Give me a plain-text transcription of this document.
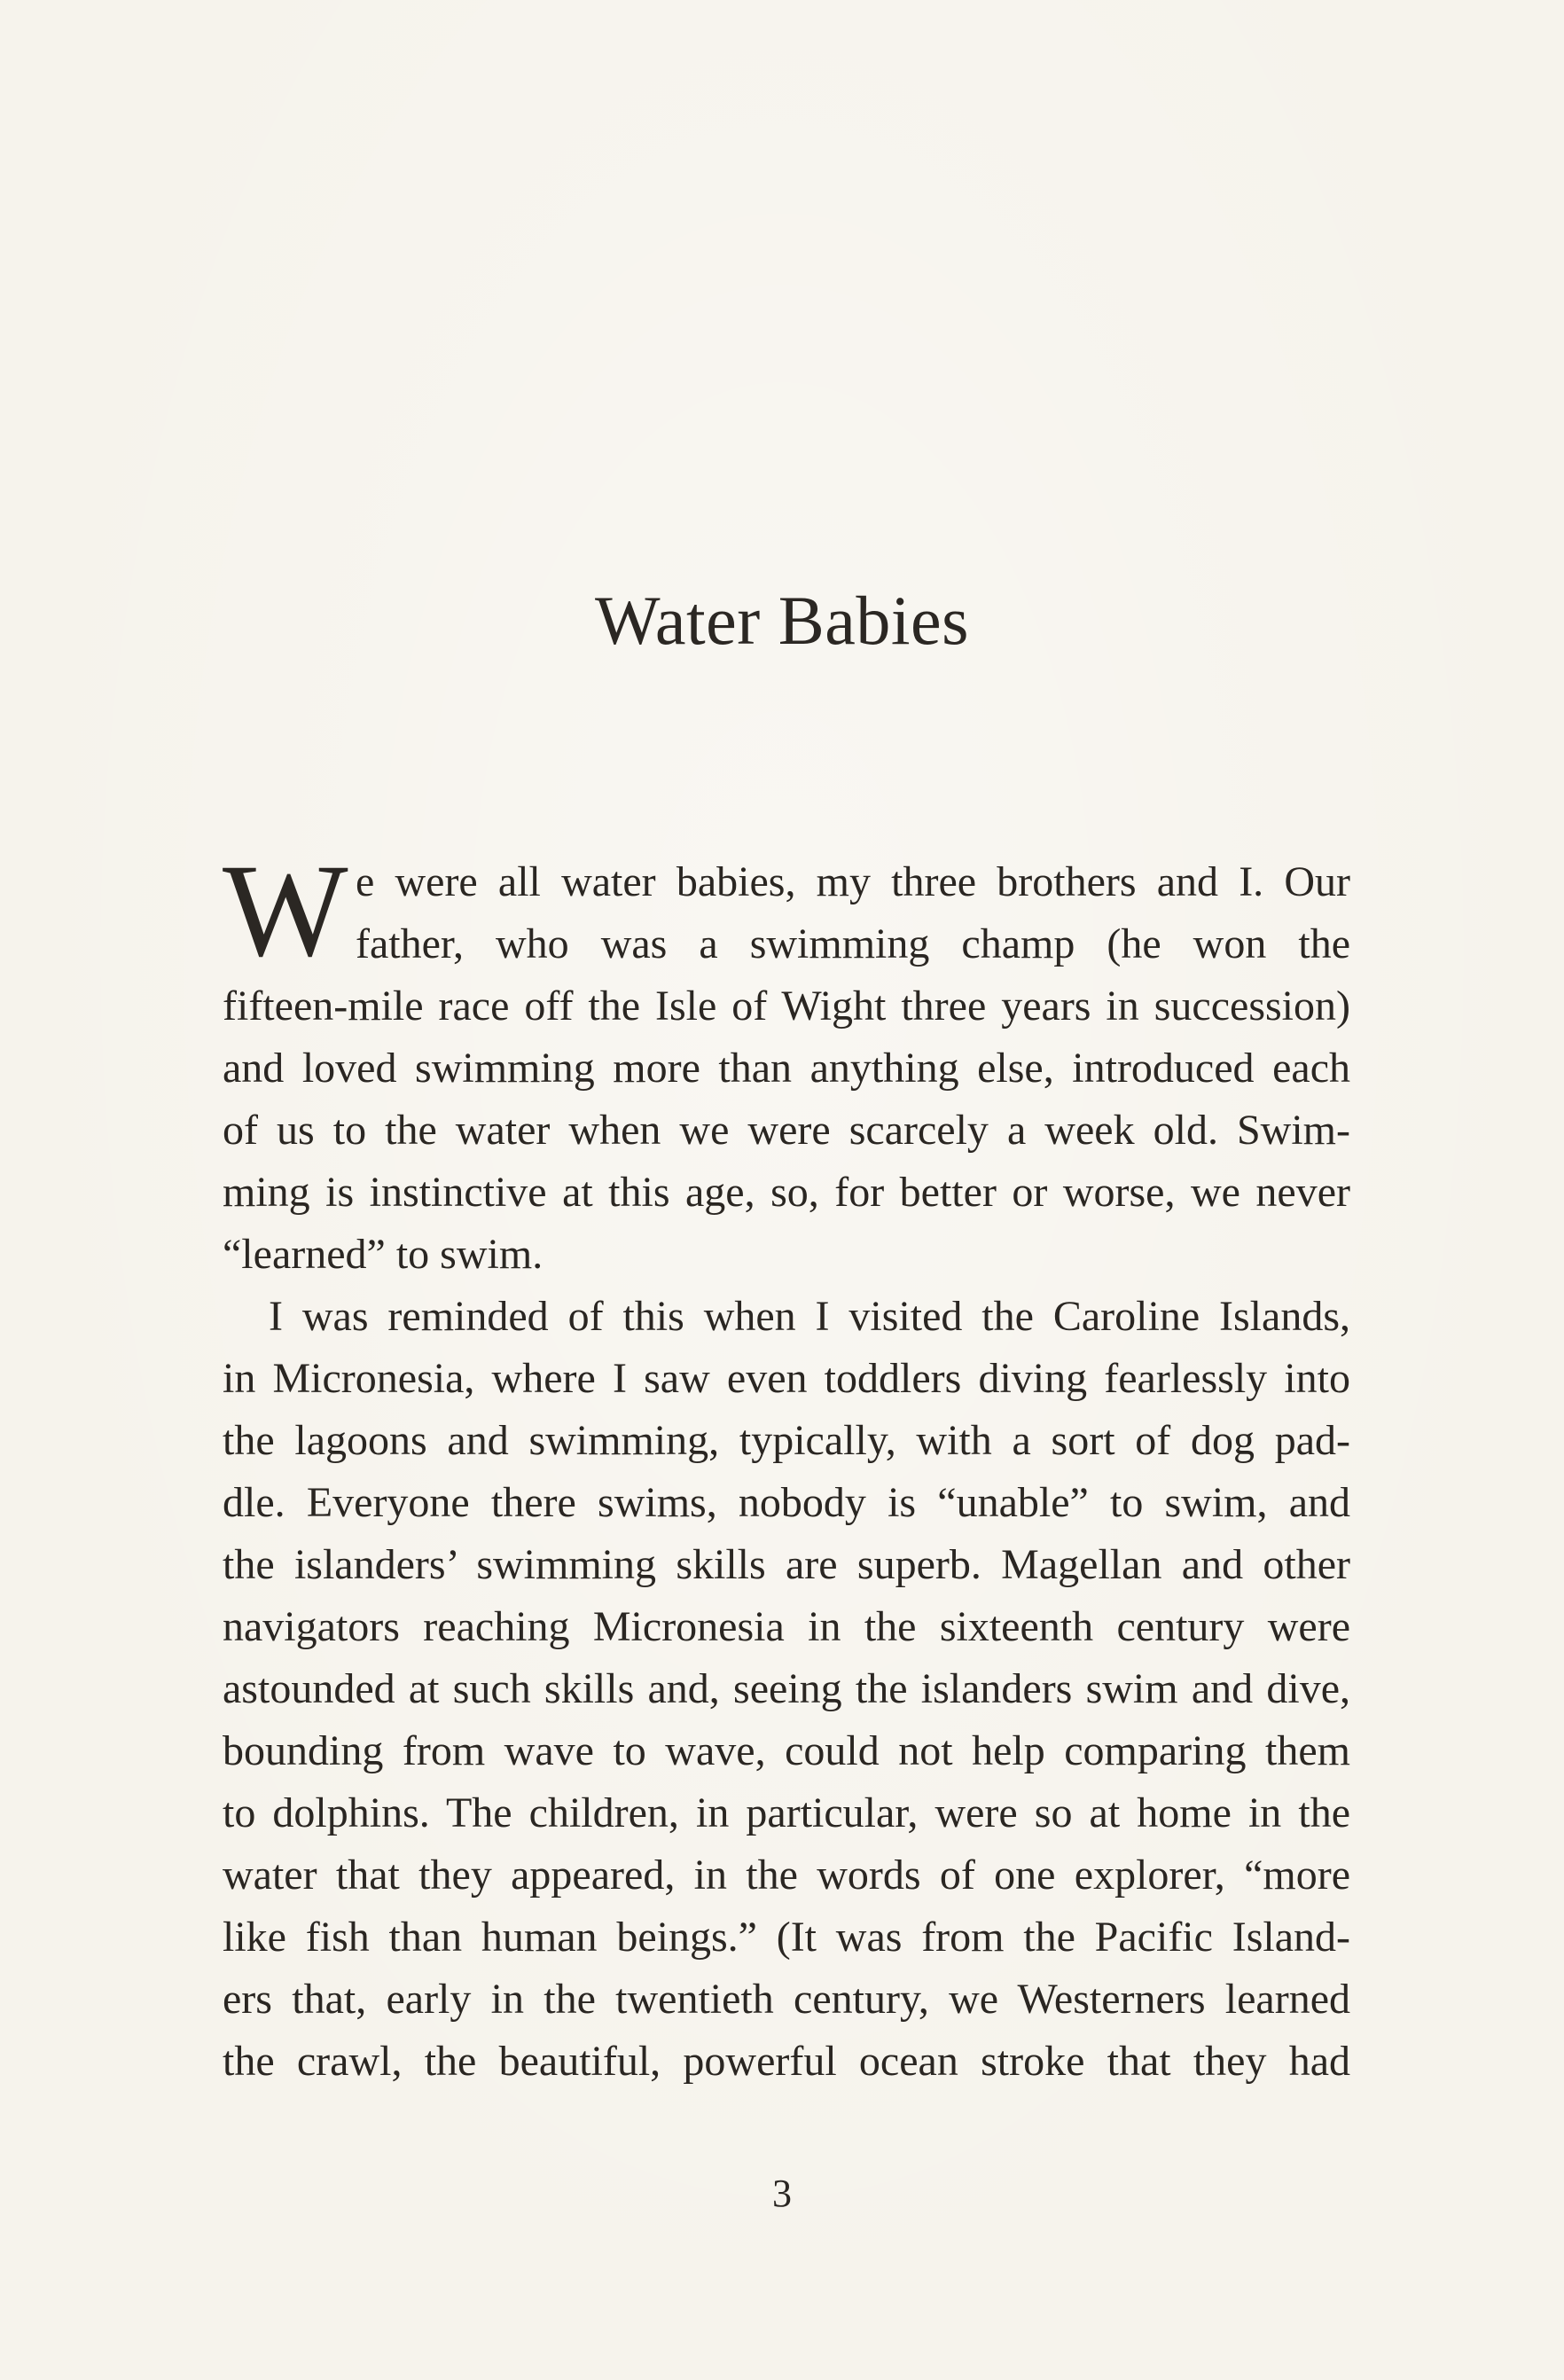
Water Babies
W e were all water babies, my three brothers and I. Our
father, who was a swimming champ (he won the
fifteen-mile race off the Isle of Wight three years in succession)
and loved swimming more than anything else, introduced each
of us to the water when we were scarcely a week old. Swim-
ming is instinctive at this age, so, for better or worse, we never
“learned” to swim.
I was reminded of this when I visited the Caroline Islands,
in Micronesia, where I saw even toddlers diving fearlessly into
the lagoons and swimming, typically, with a sort of dog pad-
dle. Everyone there swims, nobody is “unable” to swim, and
the islanders’ swimming skills are superb. Magellan and other
navigators reaching Micronesia in the sixteenth century were
astounded at such skills and, seeing the islanders swim and dive,
bounding from wave to wave, could not help comparing them
to dolphins. The children, in particular, were so at home in the
water that they appeared, in the words of one explorer, “more
like fish than human beings.” (It was from the Pacific Island-
ers that, early in the twentieth century, we Westerners learned
the crawl, the beautiful, powerful ocean stroke that they had
3
